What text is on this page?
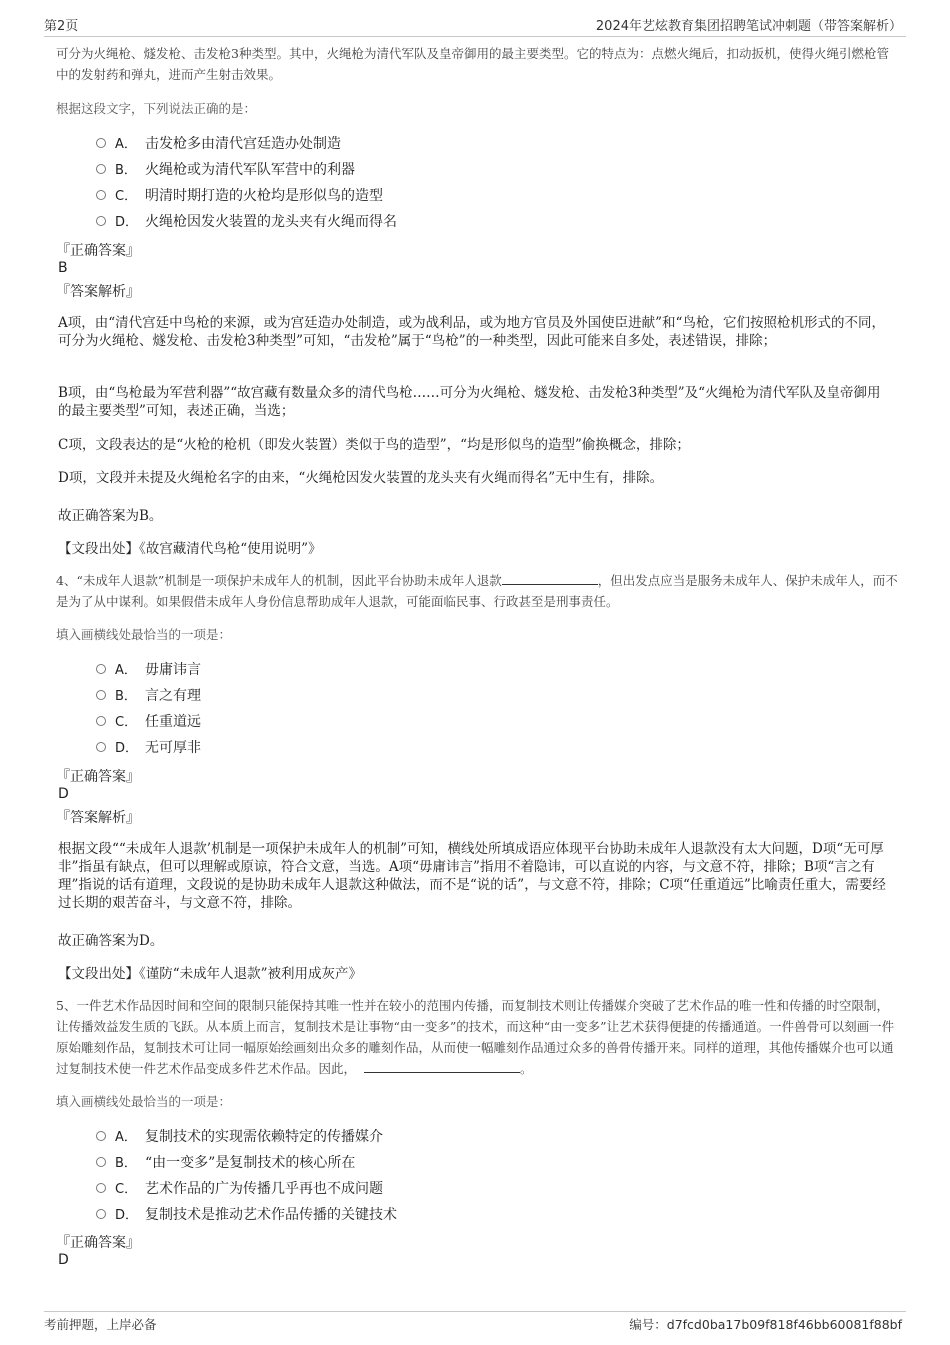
第2页	2024年艺炫教育集团招聘笔试冲刺题（带答案解析）

可分为火绳枪、燧发枪、击发枪3种类型。其中，火绳枪为清代军队及皇帝御用的最主要类型。它的特点为：点燃火绳后，扣动扳机，使得火绳引燃枪管中的发射药和弹丸，进而产生射击效果。

根据这段文字，下列说法正确的是：
A． 击发枪多由清代宫廷造办处制造
B． 火绳枪或为清代军队军营中的利器
C． 明清时期打造的火枪均是形似鸟的造型
D． 火绳枪因发火装置的龙头夹有火绳而得名
『正确答案』
B
『答案解析』

A项，由“清代宫廷中鸟枪的来源，或为宫廷造办处制造，或为战利品，或为地方官员及外国使臣进献”和“鸟枪，它们按照枪机形式的不同，可分为火绳枪、燧发枪、击发枪3种类型”可知，“击发枪”属于“鸟枪”的一种类型，因此可能来自多处，表述错误，排除；

B项，由“鸟枪最为军营利器”“故宫藏有数量众多的清代鸟枪……可分为火绳枪、燧发枪、击发枪3种类型”及“火绳枪为清代军队及皇帝御用的最主要类型”可知，表述正确，当选；

C项，文段表达的是“火枪的枪机（即发火装置）类似于鸟的造型”，“均是形似鸟的造型”偷换概念，排除；

D项，文段并未提及火绳枪名字的由来，“火绳枪因发火装置的龙头夹有火绳而得名”无中生有，排除。

故正确答案为B。
【文段出处】《故宫藏清代鸟枪“使用说明”》

4、“未成年人退款”机制是一项保护未成年人的机制，因此平台协助未成年人退款	，但出发点应当是服务未成年人、保护未成年人，而不是为了从中谋利。如果假借未成年人身份信息帮助成年人退款，可能面临民事、行政甚至是刑事责任。

填入画横线处最恰当的一项是：
A． 毋庸讳言
B． 言之有理
C． 任重道远
D． 无可厚非
『正确答案』
D
『答案解析』

根据文段““未成年人退款’机制是一项保护未成年人的机制”可知，横线处所填成语应体现平台协助未成年人退款没有太大问题，D项“无可厚非”指虽有缺点，但可以理解或原谅，符合文意，当选。A项“毋庸讳言”指用不着隐讳，可以直说的内容，与文意不符，排除；B项“言之有理”指说的话有道理，文段说的是协助未成年人退款这种做法，而不是“说的话”，与文意不符，排除；C项“任重道远”比喻责任重大，需要经过长期的艰苦奋斗，与文意不符，排除。

故正确答案为D。
【文段出处】《谨防“未成年人退款”被利用成灰产》

5、一件艺术作品因时间和空间的限制只能保持其唯一性并在较小的范围内传播，而复制技术则让传播媒介突破了艺术作品的唯一性和传播的时空限制，让传播效益发生质的飞跃。从本质上而言，复制技术是让事物“由一变多”的技术，而这种“由一变多”让艺术获得便捷的传播通道。一件兽骨可以刻画一件原始雕刻作品，复制技术可让同一幅原始绘画刻出众多的雕刻作品，从而使一幅雕刻作品通过众多的兽骨传播开来。同样的道理，其他传播媒介也可以通过复制技术使一件艺术作品变成多件艺术作品。因此，	。

填入画横线处最恰当的一项是：
A． 复制技术的实现需依赖特定的传播媒介
B． “由一变多”是复制技术的核心所在
C． 艺术作品的广为传播几乎再也不成问题
D． 复制技术是推动艺术作品传播的关键技术
『正确答案』
D
考前押题，上岸必备	编号：d7fcd0ba17b09f818f46bb60081f88bf
